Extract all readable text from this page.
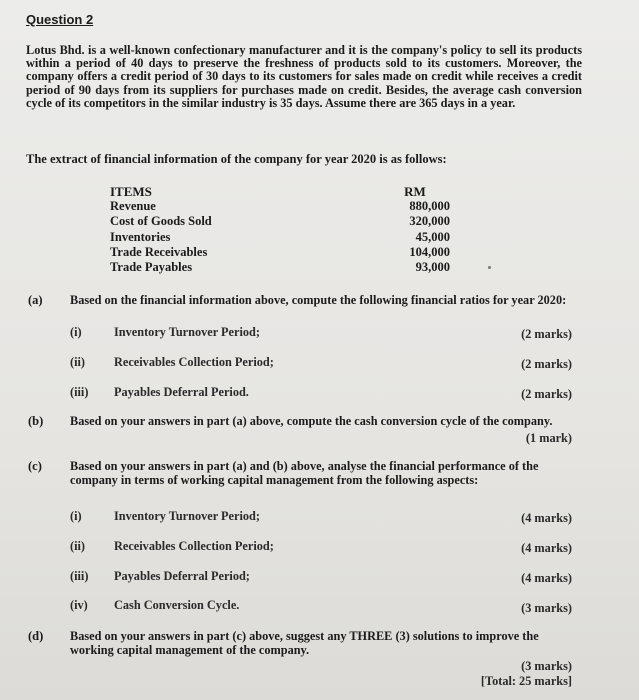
Question 2
Lotus Bhd. is a well-known confectionary manufacturer and it is the company's policy to sell its products within a period of 40 days to preserve the freshness of products sold to its customers. Moreover, the company offers a credit period of 30 days to its customers for sales made on credit while receives a credit period of 90 days from its suppliers for purchases made on credit. Besides, the average cash conversion cycle of its competitors in the similar industry is 35 days. Assume there are 365 days in a year.
The extract of financial information of the company for year 2020 is as follows:
ITEMS	RM
Revenue	880,000
Cost of Goods Sold	320,000
Inventories	45,000
Trade Receivables	104,000
Trade Payables	93,000
(a) Based on the financial information above, compute the following financial ratios for year 2020:
(i)	Inventory Turnover Period;	(2 marks)
(ii) Receivables Collection Period;	(2 marks)
(iii) Payables Deferral Period.	(2 marks)
(b) Based on your answers in part (a) above, compute the cash conversion cycle of the company.
(1 mark)
(c) Based on your answers in part (a) and (b) above, analyse the financial performance of the company in terms of working capital management from the following aspects:
(i)	Inventory Turnover Period;	(4 marks)
(ii) Receivables Collection Period;	(4 marks)
(iii) Payables Deferral Period;	(4 marks)
(iv) Cash Conversion Cycle.	(3 marks)
(d) Based on your answers in part (c) above, suggest any THREE (3) solutions to improve the working capital management of the company.
(3 marks)
[Total: 25 marks]
